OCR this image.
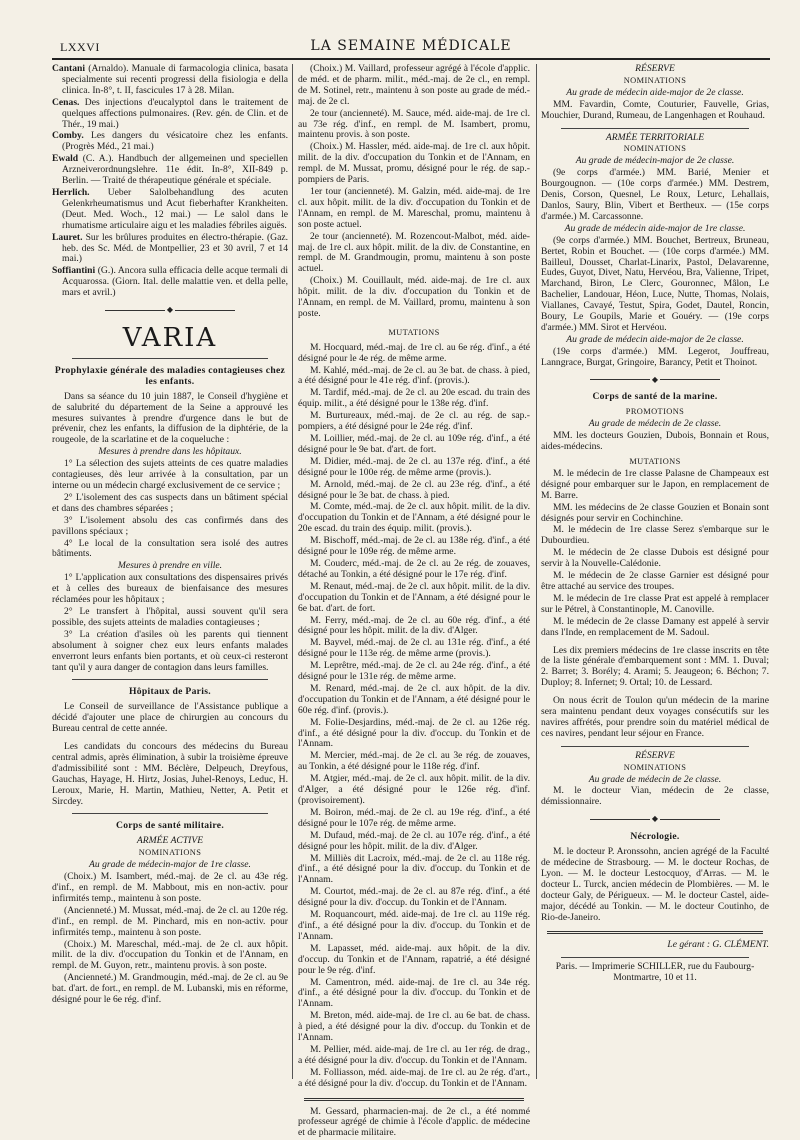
LXXVI	LA SEMAINE MÉDICALE

Cantani (Arnaldo). Manuale di farmacologia clinica, basata specialmente sui recenti progressi della fisiologia e della clinica. In-8°, t. II, fascicules 17 à 28. Milan.

Cenas. Des injections d'eucalyptol dans le traitement de quelques affections pulmonaires. (Rev. gén. de Clin. et de Thér., 19 mai.)

Comby. Les dangers du vésicatoire chez les enfants. (Progrès Méd., 21 mai.)

Ewald (C. A.). Handbuch der allgemeinen und speciellen Arzneiverordnungslehre. 11e édit. In-8°, XII-849 p. Berlin. — Traité de thérapeutique générale et spéciale.

Herrlich. Ueber Salolbehandlung des acuten Gelenkrheumatismus und Acut fieberhafter Krankheiten. (Deut. Med. Woch., 12 mai.) — Le salol dans le rhumatisme articulaire aigu et les maladies fébriles aiguës.

Lauret. Sur les brûlures produites en électro-thérapie. (Gaz. heb. des Sc. Méd. de Montpellier, 23 et 30 avril, 7 et 14 mai.)

Soffiantini (G.). Ancora sulla efficacia delle acque termali di Acquarossa. (Giorn. Ital. delle malattie ven. et della pelle, mars et avril.)

◆
VARIA

Prophylaxie générale des maladies contagieuses chez les enfants.

Dans sa séance du 10 juin 1887, le Conseil d'hygiène et de salubrité du département de la Seine a approuvé les mesures suivantes à prendre d'urgence dans le but de prévenir, chez les enfants, la diffusion de la diphtérie, de la rougeole, de la scarlatine et de la coqueluche :

Mesures à prendre dans les hôpitaux.

1° La sélection des sujets atteints de ces quatre maladies contagieuses, dès leur arrivée à la consultation, par un interne ou un médecin chargé exclusivement de ce service ;

2° L'isolement des cas suspects dans un bâtiment spécial et dans des chambres séparées ;

3° L'isolement absolu des cas confirmés dans des pavillons spéciaux ;

4° Le local de la consultation sera isolé des autres bâtiments.

Mesures à prendre en ville.

1° L'application aux consultations des dispensaires privés et à celles des bureaux de bienfaisance des mesures réclamées pour les hôpitaux ;

2° Le transfert à l'hôpital, aussi souvent qu'il sera possible, des sujets atteints de maladies contagieuses ;

3° La création d'asiles où les parents qui tiennent absolument à soigner chez eux leurs enfants malades enverront leurs enfants bien portants, et où ceux-ci resteront tant qu'il y aura danger de contagion dans leurs familles.

Hôpitaux de Paris.

Le Conseil de surveillance de l'Assistance publique a décidé d'ajouter une place de chirurgien au concours du Bureau central de cette année.

Les candidats du concours des médecins du Bureau central admis, après élimination, à subir la troisième épreuve d'admissibilité sont : MM. Béclère, Delpeuch, Dreyfous, Gauchas, Hayage, H. Hirtz, Josias, Juhel-Renoys, Leduc, H. Leroux, Marie, H. Martin, Mathieu, Netter, A. Petit et Sircdey.

Corps de santé militaire.

ARMÉE ACTIVE

NOMINATIONS

Au grade de médecin-major de 1re classe.

(Choix.) M. Isambert, méd.-maj. de 2e cl. au 43e rég. d'inf., en rempl. de M. Mabbout, mis en non-activ. pour infirmités temp., maintenu à son poste.

(Ancienneté.) M. Mussat, méd.-maj. de 2e cl. au 120e rég. d'inf., en rempl. de M. Pinchard, mis en non-activ. pour infirmités temp., maintenu à son poste.

(Choix.) M. Mareschal, méd.-maj. de 2e cl. aux hôpit. milit. de la div. d'occupation du Tonkin et de l'Annam, en rempl. de M. Guyon, retr., maintenu provis. à son poste.

(Ancienneté.) M. Grandmougin, méd.-maj. de 2e cl. au 9e bat. d'art. de fort., en rempl. de M. Lubanski, mis en réforme, désigné pour le 6e rég. d'inf.

(Choix.) M. Vaillard, professeur agrégé à l'école d'applic. de méd. et de pharm. milit., méd.-maj. de 2e cl., en rempl. de M. Sotinel, retr., maintenu à son poste au grade de méd.-maj. de 2e cl.

2e tour (ancienneté). M. Sauce, méd. aide-maj. de 1re cl. au 73e rég. d'inf., en rempl. de M. Isambert, promu, maintenu provis. à son poste.

(Choix.) M. Hassler, méd. aide-maj. de 1re cl. aux hôpit. milit. de la div. d'occupation du Tonkin et de l'Annam, en rempl. de M. Mussat, promu, désigné pour le rég. de sap.-pompiers de Paris.

1er tour (ancienneté). M. Galzin, méd. aide-maj. de 1re cl. aux hôpit. milit. de la div. d'occupation du Tonkin et de l'Annam, en rempl. de M. Mareschal, promu, maintenu à son poste actuel.

2e tour (ancienneté). M. Rozencout-Malbot, méd. aide-maj. de 1re cl. aux hôpit. milit. de la div. de Constantine, en rempl. de M. Grandmougin, promu, maintenu à son poste actuel.

(Choix.) M. Couillault, méd. aide-maj. de 1re cl. aux hôpit. milit. de la div. d'occupation du Tonkin et de l'Annam, en rempl. de M. Vaillard, promu, maintenu à son poste.

MUTATIONS

M. Hocquard, méd.-maj. de 1re cl. au 6e rég. d'inf., a été désigné pour le 4e rég. de même arme.

M. Kahlé, méd.-maj. de 2e cl. au 3e bat. de chass. à pied, a été désigné pour le 41e rég. d'inf. (provis.).

M. Tardif, méd.-maj. de 2e cl. au 20e escad. du train des équip. milit., a été désigné pour le 138e rég. d'inf.

M. Burtureaux, méd.-maj. de 2e cl. au rég. de sap.-pompiers, a été désigné pour le 24e rég. d'inf.

M. Loillier, méd.-maj. de 2e cl. au 109e rég. d'inf., a été désigné pour le 9e bat. d'art. de fort.

M. Didier, méd.-maj. de 2e cl. au 137e rég. d'inf., a été désigné pour le 100e rég. de même arme (provis.).

M. Arnold, méd.-maj. de 2e cl. au 23e rég. d'inf., a été désigné pour le 3e bat. de chass. à pied.

M. Comte, méd.-maj. de 2e cl. aux hôpit. milit. de la div. d'occupation du Tonkin et de l'Annam, a été désigné pour le 20e escad. du train des équip. milit. (provis.).

M. Bischoff, méd.-maj. de 2e cl. au 138e rég. d'inf., a été désigné pour le 109e rég. de même arme.

M. Couderc, méd.-maj. de 2e cl. au 2e rég. de zouaves, détaché au Tonkin, a été désigné pour le 17e rég. d'inf.

M. Renaut, méd.-maj. de 2e cl. aux hôpit. milit. de la div. d'occupation du Tonkin et de l'Annam, a été désigné pour le 6e bat. d'art. de fort.

M. Ferry, méd.-maj. de 2e cl. au 60e rég. d'inf., a été désigné pour les hôpit. milit. de la div. d'Alger.

M. Bayvel, méd.-maj. de 2e cl. au 131e rég. d'inf., a été désigné pour le 113e rég. de même arme (provis.).

M. Leprêtre, méd.-maj. de 2e cl. au 24e rég. d'inf., a été désigné pour le 131e rég. de même arme.

M. Renard, méd.-maj. de 2e cl. aux hôpit. de la div. d'occupation du Tonkin et de l'Annam, a été désigné pour le 60e rég. d'inf. (provis.).

M. Folie-Desjardins, méd.-maj. de 2e cl. au 126e rég. d'inf., a été désigné pour la div. d'occup. du Tonkin et de l'Annam.

M. Mercier, méd.-maj. de 2e cl. au 3e rég. de zouaves, au Tonkin, a été désigné pour le 118e rég. d'inf.

M. Atgier, méd.-maj. de 2e cl. aux hôpit. milit. de la div. d'Alger, a été désigné pour le 126e rég. d'inf. (provisoirement).

M. Boiron, méd.-maj. de 2e cl. au 19e rég. d'inf., a été désigné pour le 107e rég. de même arme.

M. Dufaud, méd.-maj. de 2e cl. au 107e rég. d'inf., a été désigné pour les hôpit. milit. de la div. d'Alger.

M. Milliès dit Lacroix, méd.-maj. de 2e cl. au 118e rég. d'inf., a été désigné pour la div. d'occup. du Tonkin et de l'Annam.

M. Courtot, méd.-maj. de 2e cl. au 87e rég. d'inf., a été désigné pour la div. d'occup. du Tonkin et de l'Annam.

M. Roquancourt, méd. aide-maj. de 1re cl. au 119e rég. d'inf., a été désigné pour la div. d'occup. du Tonkin et de l'Annam.

M. Lapasset, méd. aide-maj. aux hôpit. de la div. d'occup. du Tonkin et de l'Annam, rapatrié, a été désigné pour le 9e rég. d'inf.

M. Camentron, méd. aide-maj. de 1re cl. au 34e rég. d'inf., a été désigné pour la div. d'occup. du Tonkin et de l'Annam.

M. Breton, méd. aide-maj. de 1re cl. au 6e bat. de chass. à pied, a été désigné pour la div. d'occup. du Tonkin et de l'Annam.

M. Pellier, méd. aide-maj. de 1re cl. au 1er rég. de drag., a été désigné pour la div. d'occup. du Tonkin et de l'Annam.

M. Folliasson, méd. aide-maj. de 1re cl. au 2e rég. d'art., a été désigné pour la div. d'occup. du Tonkin et de l'Annam.

M. Gessard, pharmacien-maj. de 2e cl., a été nommé professeur agrégé de chimie à l'école d'applic. de médecine et de pharmacie militaire.

RÉSERVE

NOMINATIONS

Au grade de médecin aide-major de 2e classe.

MM. Favardin, Comte, Couturier, Fauvelle, Grias, Mouchier, Durand, Rumeau, de Langenhagen et Rouhaud.

ARMÉE TERRITORIALE

NOMINATIONS

Au grade de médecin-major de 2e classe.

(9e corps d'armée.) MM. Barié, Menier et Bourgougnon. — (10e corps d'armée.) MM. Destrem, Denis, Corson, Quesnel, Le Roux, Leturc, Lehallais, Danlos, Saury, Blin, Vibert et Bertheux. — (15e corps d'armée.) M. Carcassonne.

Au grade de médecin aide-major de 1re classe.

(9e corps d'armée.) MM. Bouchet, Bertreux, Bruneau, Bertet, Robin et Bouchet. — (10e corps d'armée.) MM. Bailleul, Dousset, Charlat-Linarix, Pastol, Delavarenne, Eudes, Guyot, Divet, Natu, Hervéou, Bra, Valienne, Tripet, Marchand, Biron, Le Clerc, Gouronnec, Mâlon, Le Bachelier, Landouar, Héon, Luce, Nutte, Thomas, Nolais, Viallanes, Cavayé, Testut, Spira, Godet, Dautel, Roncin, Boury, Le Goupils, Marie et Gouéry. — (19e corps d'armée.) MM. Sirot et Hervéou.

Au grade de médecin aide-major de 2e classe.

(19e corps d'armée.) MM. Legerot, Jouffreau, Lanngrace, Burgat, Gringoire, Barancy, Petit et Thoinot.

◆

Corps de santé de la marine.

PROMOTIONS

Au grade de médecin de 2e classe.

MM. les docteurs Gouzien, Dubois, Bonnain et Rous, aides-médecins.

MUTATIONS

M. le médecin de 1re classe Palasne de Champeaux est désigné pour embarquer sur le Japon, en remplacement de M. Barre.

MM. les médecins de 2e classe Gouzien et Bonain sont désignés pour servir en Cochinchine.

M. le médecin de 1re classe Serez s'embarque sur le Dubourdieu.

M. le médecin de 2e classe Dubois est désigné pour servir à la Nouvelle-Calédonie.

M. le médecin de 2e classe Garnier est désigné pour être attaché au service des troupes.

M. le médecin de 1re classe Prat est appelé à remplacer sur le Pétrel, à Constantinople, M. Canoville.

M. le médecin de 2e classe Damany est appelé à servir dans l'Inde, en remplacement de M. Sadoul.

Les dix premiers médecins de 1re classe inscrits en tête de la liste générale d'embarquement sont : MM. 1. Duval; 2. Barret; 3. Borély; 4. Arami; 5. Jeaugeon; 6. Béchon; 7. Duploy; 8. Infernet; 9. Ortal; 10. de Lessard.

On nous écrit de Toulon qu'un médecin de la marine sera maintenu pendant deux voyages consécutifs sur les navires affrétés, pour prendre soin du matériel médical de ces navires, pendant leur séjour en France.

RÉSERVE

NOMINATIONS

Au grade de médecin de 2e classe.

M. le docteur Vian, médecin de 2e classe, démissionnaire.

◆

Nécrologie.

M. le docteur P. Aronssohn, ancien agrégé de la Faculté de médecine de Strasbourg. — M. le docteur Rochas, de Lyon. — M. le docteur Lestocquoy, d'Arras. — M. le docteur L. Turck, ancien médecin de Plombières. — M. le docteur Galy, de Périgueux. — M. le docteur Castel, aide-major, décédé au Tonkin. — M. le docteur Coutinho, de Rio-de-Janeiro.

Le gérant : G. CLÉMENT.

Paris. — Imprimerie SCHILLER, rue du Faubourg-Montmartre, 10 et 11.
